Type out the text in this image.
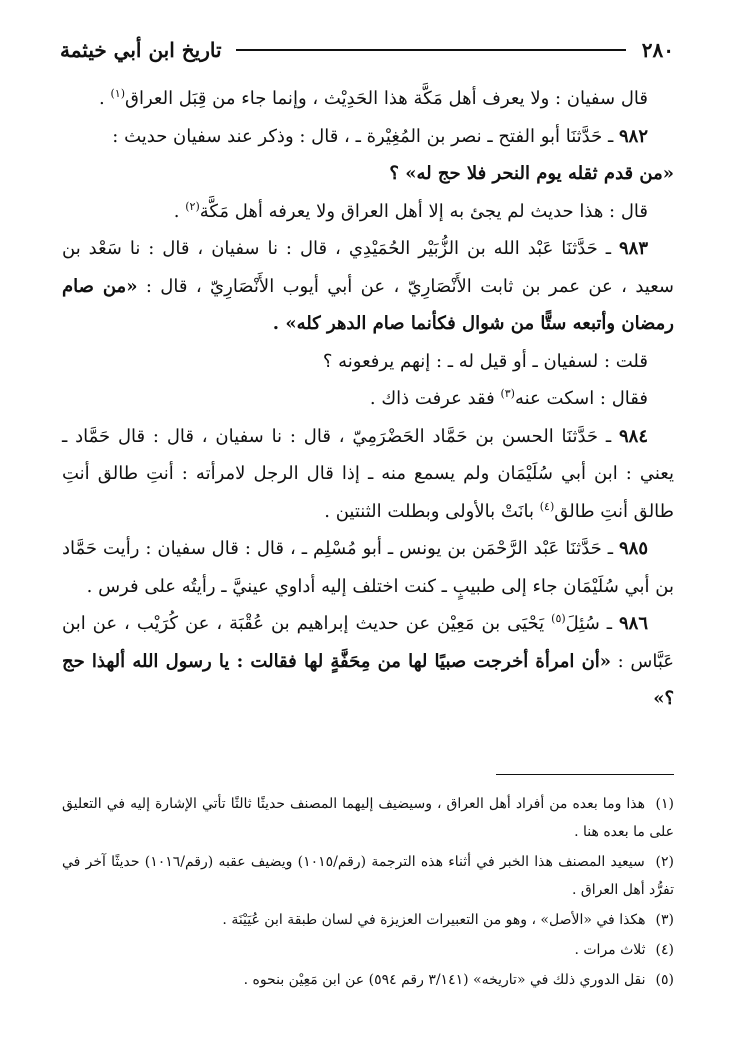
تاريخ ابن أبي خيثمة	٢٨٠

قال سفيان : ولا يعرف أهل مَكَّة هذا الحَدِيْث ، وإنما جاء من قِبَل العراق$^{(١)}$ .

٩٨٢ ـ حَدَّثنَا أبو الفتح ـ نصر بن المُغِيْرة ـ ، قال : وذكر عند سفيان حديث :
«من قدم ثقله يوم النحر فلا حج له» ؟

قال : هذا حديث لم يجئ به إلا أهل العراق ولا يعرفه أهل مَكَّة$^{(٢)}$ .

٩٨٣ ـ حَدَّثنَا عَبْد الله بن الزُّبَيْر الحُمَيْدِي ، قال : نا سفيان ، قال : نا سَعْد بن سعيد ، عن عمر بن ثابت الأَنْصَارِيّ ، عن أبي أيوب الأَنْصَارِيّ ، قال : «من صام رمضان وأتبعه ستًّا من شوال فكأنما صام الدهر كله» .

قلت : لسفيان ـ أو قيل له ـ : إنهم يرفعونه ؟

فقال : اسكت عنه$^{(٣)}$ فقد عرفت ذاك .

٩٨٤ ـ حَدَّثنَا الحسن بن حَمَّاد الحَضْرَمِيّ ، قال : نا سفيان ، قال : قال حَمَّاد ـ يعني : ابن أبي سُلَيْمَان ولم يسمع منه ـ إذا قال الرجل لامرأته : أنتِ طالق أنتِ طالق أنتِ طالق$^{(٤)}$ بانَتْ بالأولى وبطلت الثنتين .

٩٨٥ ـ حَدَّثنَا عَبْد الرَّحْمَن بن يونس ـ أبو مُسْلِم ـ ، قال : قال سفيان : رأيت حَمَّاد بن أبي سُلَيْمَان جاء إلى طبيبٍ ـ كنت اختلف إليه أداوي عينيَّ ـ رأيتُه على فرس .

٩٨٦ ـ سُئِلَ$^{(٥)}$ يَحْيَى بن مَعِيْن عن حديث إبراهيم بن عُقْبَة ، عن كُرَيْب ، عن ابن عَبَّاس : «أن امرأة أخرجت صبيًا لها من مِحَفَّةٍ لها فقالت : يا رسول الله ألهذا حج ؟»

(١) هذا وما بعده من أفراد أهل العراق ، وسيضيف إليهما المصنف حديثًا ثالثًا تأتي الإشارة إليه في التعليق على ما بعده هنا .

(٢) سيعيد المصنف هذا الخبر في أثناء هذه الترجمة (رقم/١٠١٥) ويضيف عقبه (رقم/١٠١٦) حديثًا آخر في تفرُّد أهل العراق .

(٣) هكذا في «الأصل» ، وهو من التعبيرات العزيزة في لسان طبقة ابن عُيَيْنَة .

(٤) ثلاث مرات .

(٥) نقل الدوري ذلك في «تاريخه» (٣/١٤١ رقم ٥٩٤) عن ابن مَعِيْن بنحوه .
